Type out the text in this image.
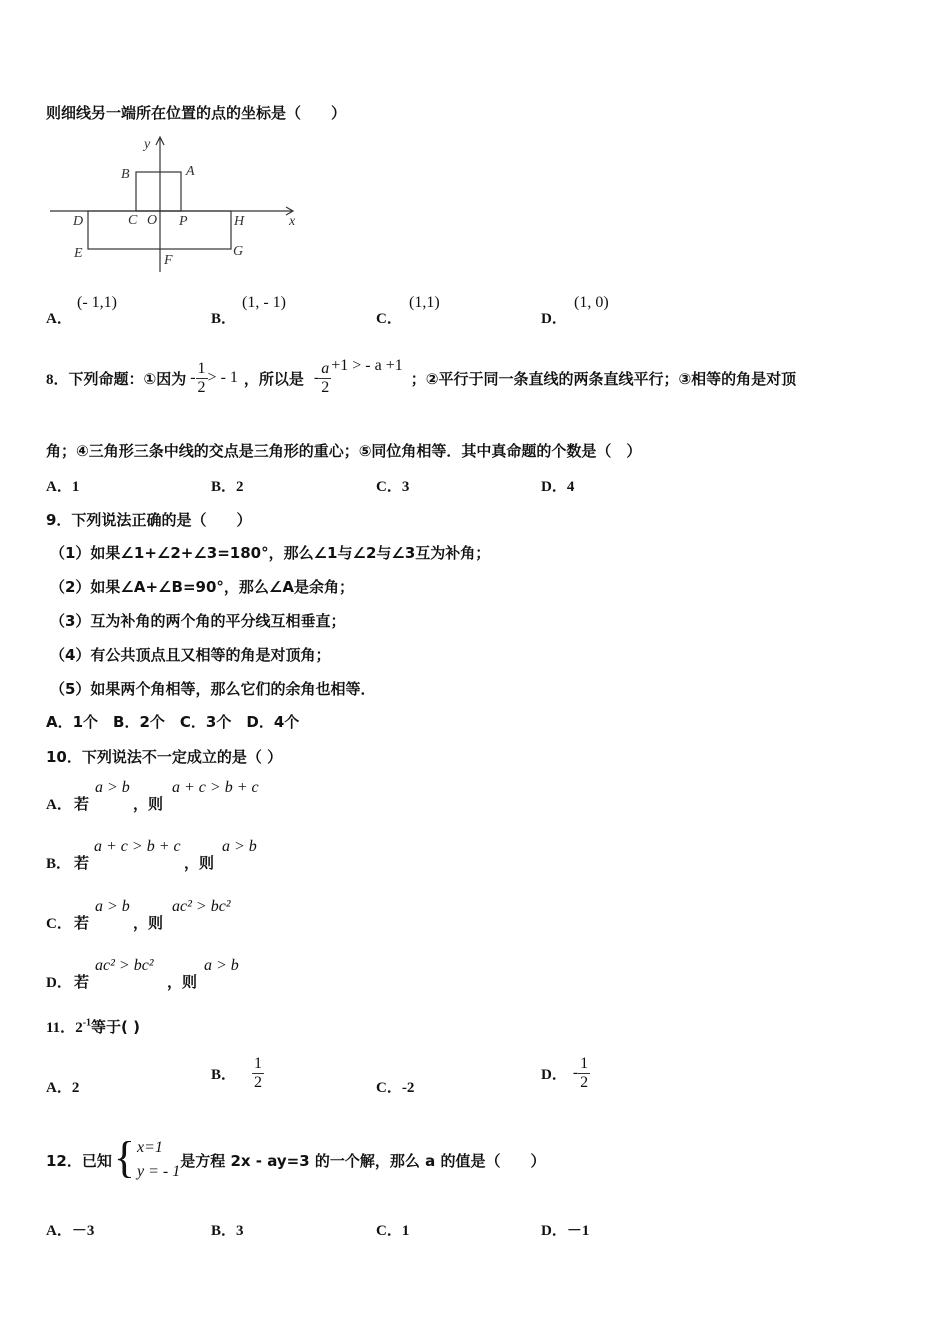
则细线另一端所在位置的点的坐标是（　　）
y
x
A
B
C O P
D	H
E	F
G
A．
(- 1,1)
B．
(1, - 1)
C．
(1,1)
D．
(1, 0)
8． 下列命题：①因为 - $\frac{1}{2}$ > - 1 ，所以是 - $\frac{a}{2} +1$ > - a +1
；②平行于同一条直线的两条直线平行；③相等的角是对顶
角；④三角形三条中线的交点是三角形的重心；⑤同位角相等．其中真命题的个数是（　）
A．1	B．2	C．3	D．4
9．下列说法正确的是（　　）
（1）如果∠1+∠2+∠3=180°，那么∠1与∠2与∠3互为补角；
（2）如果∠A+∠B=90°，那么∠A是余角；
（3）互为补角的两个角的平分线互相垂直；
（4）有公共顶点且又相等的角是对顶角；
（5）如果两个角相等，那么它们的余角也相等．
A．1个　B．2个　C．3个　D．4个
10．下列说法不一定成立的是（ ）
A． 若
a > b
，则
a + c > b + c
B． 若
a + c > b + c
，则
a > b
C． 若
a > b
，则
ac² > bc²
D． 若
ac² > bc²
，则
a > b
11．$2^{-1}$等于( )
A．2
B． $\frac{1}{2}$	C．-2
D． - $\frac{1}{2}$
12．已知 { x=1
y = - 1
是方程 2x - ay=3 的一个解，那么 a 的值是（　　）
A．－3	B．3	C．1	D．－1
